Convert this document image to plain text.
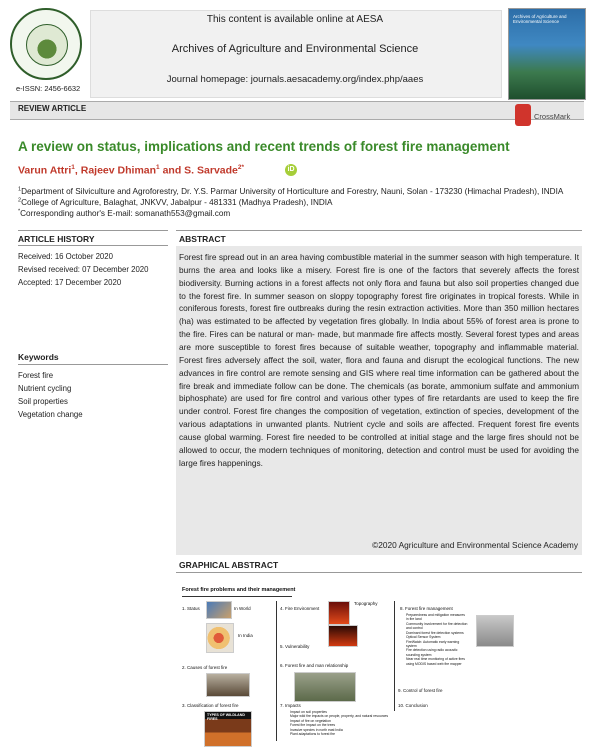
e-ISSN: 2456-6632
This content is available online at AESA
Archives of Agriculture and Environmental Science
Journal homepage: journals.aesacademy.org/index.php/aaes
Archives of Agriculture and Environmental Science
REVIEW ARTICLE
CrossMark
A review on status, implications and recent trends of forest fire management
Varun Attri$^1$, Rajeev Dhiman$^1$ and S. Sarvade$^{2*}$	iD
$^1$Department of Silviculture and Agroforestry, Dr. Y.S. Parmar University of Horticulture and Forestry, Nauni, Solan - 173230 (Himachal Pradesh), INDIA $^2$College of Agriculture, Balaghat, JNKVV, Jabalpur - 481331 (Madhya Pradesh), INDIA
*Corresponding author's E-mail: somanath553@gmail.com
ARTICLE HISTORY
Received: 16 October 2020
Revised received: 07 December 2020
Accepted: 17 December 2020
Keywords
Forest fire
Nutrient cycling
Soil properties
Vegetation change
ABSTRACT
Forest fire spread out in an area having combustible material in the summer season with high temperature. It burns the area and looks like a misery. Forest fire is one of the factors that severely affects the forest biodiversity. Burning actions in a forest affects not only flora and fauna but also soil properties changed due to the forest fire. In summer season on sloppy topography forest fire originates in tropical forests. While in coniferous forests, forest fire outbreaks during the resin extraction activities. More than 350 million hectares (ha) was estimated to be affected by vegetation fires globally. In India about 55% of forest area is prone to the fire. Fires can be natural or man- made, but manmade fire affects mostly. Several forest types and areas are more susceptible to forest fires because of suitable weather, topography and inflammable material. Forest fires adversely affect the soil, water, flora and fauna and disrupt the ecological functions. The new advances in fire control are remote sensing and GIS where real time information can be gathered about the fire break and immediate follow can be done. The chemicals (as borate, ammonium sulfate and ammonium biphosphate) are used for fire control and various other types of fire retardants are used to keep the fire under control. Forest fire changes the composition of vegetation, extinction of species, development of the various adaptations in unwanted plants. Nutrient cycle and soils are affected. Frequent forest fire events cause global warming. Forest fire needed to be controlled at initial stage and the large fires should not be allowed to occur, the modern techniques of monitoring, detection and control must be used for avoiding the large fires happenings.
©2020 Agriculture and Environmental Science Academy
GRAPHICAL ABSTRACT
Forest fire problems and their management
1. Status	In World
In India
2. Causes of forest fire
3. Classification of forest fire
TYPES OF WILDLAND FIRES
4. Fire Environment
Topography
5. Vulnerability
6. Forest fire and man relationship
7. Impacts
Impact on soil properties
Major wild fire impacts on people, property, and natural resources
Impact of fire on vegetation
Forest fire impact on the trees
Invasive species in north east India
Plant adaptations to forest fire
8. Forest fire management
Preparedness and mitigation measures in fire land
Community involvement for fire detection and control
Dominant forest fire detection systems
Optical Sensor System
FireWatch: Automatic early warning system
Fire detection using radio acoustic sounding system
Near real time monitoring of active fires using MODIS based web fire mapper
9. Control of forest fire
10. Conclusion
